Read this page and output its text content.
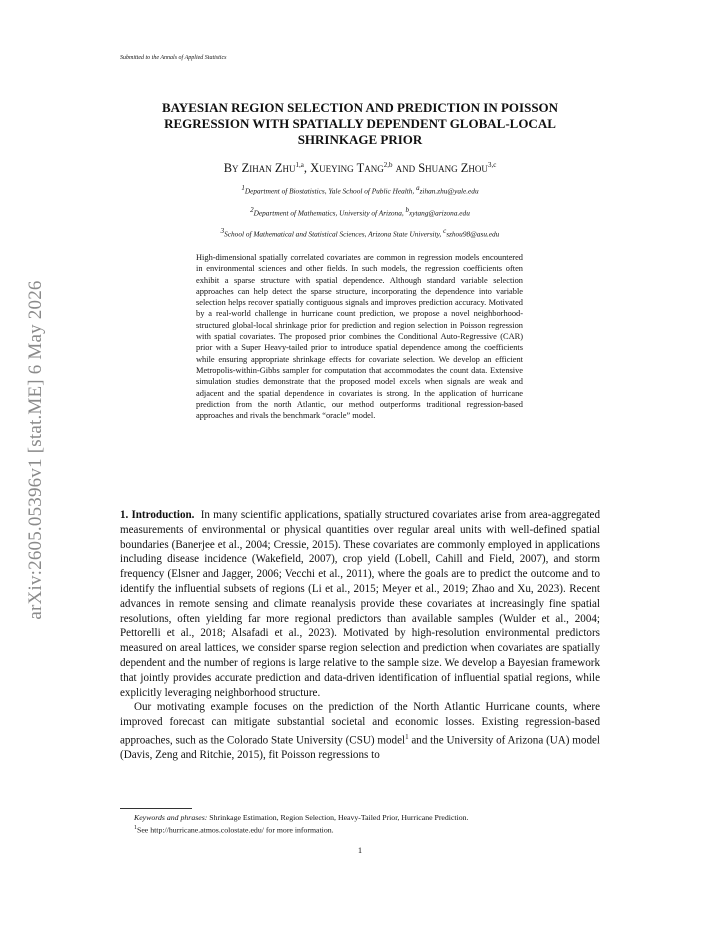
Submitted to the Annals of Applied Statistics
arXiv:2605.05396v1 [stat.ME] 6 May 2026
BAYESIAN REGION SELECTION AND PREDICTION IN POISSON REGRESSION WITH SPATIALLY DEPENDENT GLOBAL-LOCAL SHRINKAGE PRIOR
By Zihan Zhu$^{1,a}$, Xueying Tang$^{2,b}$ and Shuang Zhou$^{3,c}$
$^1$Department of Biostatistics, Yale School of Public Health, $^a$zihan.zhu@yale.edu
$^2$Department of Mathematics, University of Arizona, $^b$xytang@arizona.edu
$^3$School of Mathematical and Statistical Sciences, Arizona State University, $^c$szhou98@asu.edu

High-dimensional spatially correlated covariates are common in regression models encountered in environmental sciences and other fields. In such models, the regression coefficients often exhibit a sparse structure with spatial dependence. Although standard variable selection approaches can help detect the sparse structure, incorporating the dependence into variable selection helps recover spatially contiguous signals and improves prediction accuracy. Motivated by a real-world challenge in hurricane count prediction, we propose a novel neighborhood-structured global-local shrinkage prior for prediction and region selection in Poisson regression with spatial covariates. The proposed prior combines the Conditional Auto-Regressive (CAR) prior with a Super Heavy-tailed prior to introduce spatial dependence among the coefficients while ensuring appropriate shrinkage effects for covariate selection. We develop an efficient Metropolis-within-Gibbs sampler for computation that accommodates the count data. Extensive simulation studies demonstrate that the proposed model excels when signals are weak and adjacent and the spatial dependence in covariates is strong. In the application of hurricane prediction from the north Atlantic, our method outperforms traditional regression-based approaches and rivals the benchmark “oracle” model.

1. Introduction. In many scientific applications, spatially structured covariates arise from area-aggregated measurements of environmental or physical quantities over regular areal units with well-defined spatial boundaries (Banerjee et al., 2004; Cressie, 2015). These covariates are commonly employed in applications including disease incidence (Wakefield, 2007), crop yield (Lobell, Cahill and Field, 2007), and storm frequency (Elsner and Jagger, 2006; Vecchi et al., 2011), where the goals are to predict the outcome and to identify the influential subsets of regions (Li et al., 2015; Meyer et al., 2019; Zhao and Xu, 2023). Recent advances in remote sensing and climate reanalysis provide these covariates at increasingly fine spatial resolutions, often yielding far more regional predictors than available samples (Wulder et al., 2004; Pettorelli et al., 2018; Alsafadi et al., 2023). Motivated by high-resolution environmental predictors measured on areal lattices, we consider sparse region selection and prediction when covariates are spatially dependent and the number of regions is large relative to the sample size. We develop a Bayesian framework that jointly provides accurate prediction and data-driven identification of influential spatial regions, while explicitly leveraging neighborhood structure.

Our motivating example focuses on the prediction of the North Atlantic Hurricane counts, where improved forecast can mitigate substantial societal and economic losses. Existing regression-based approaches, such as the Colorado State University (CSU) model$^1$ and the University of Arizona (UA) model (Davis, Zeng and Ritchie, 2015), fit Poisson regressions to

Keywords and phrases: Shrinkage Estimation, Region Selection, Heavy-Tailed Prior, Hurricane Prediction.
$^1$See http://hurricane.atmos.colostate.edu/ for more information.
1
